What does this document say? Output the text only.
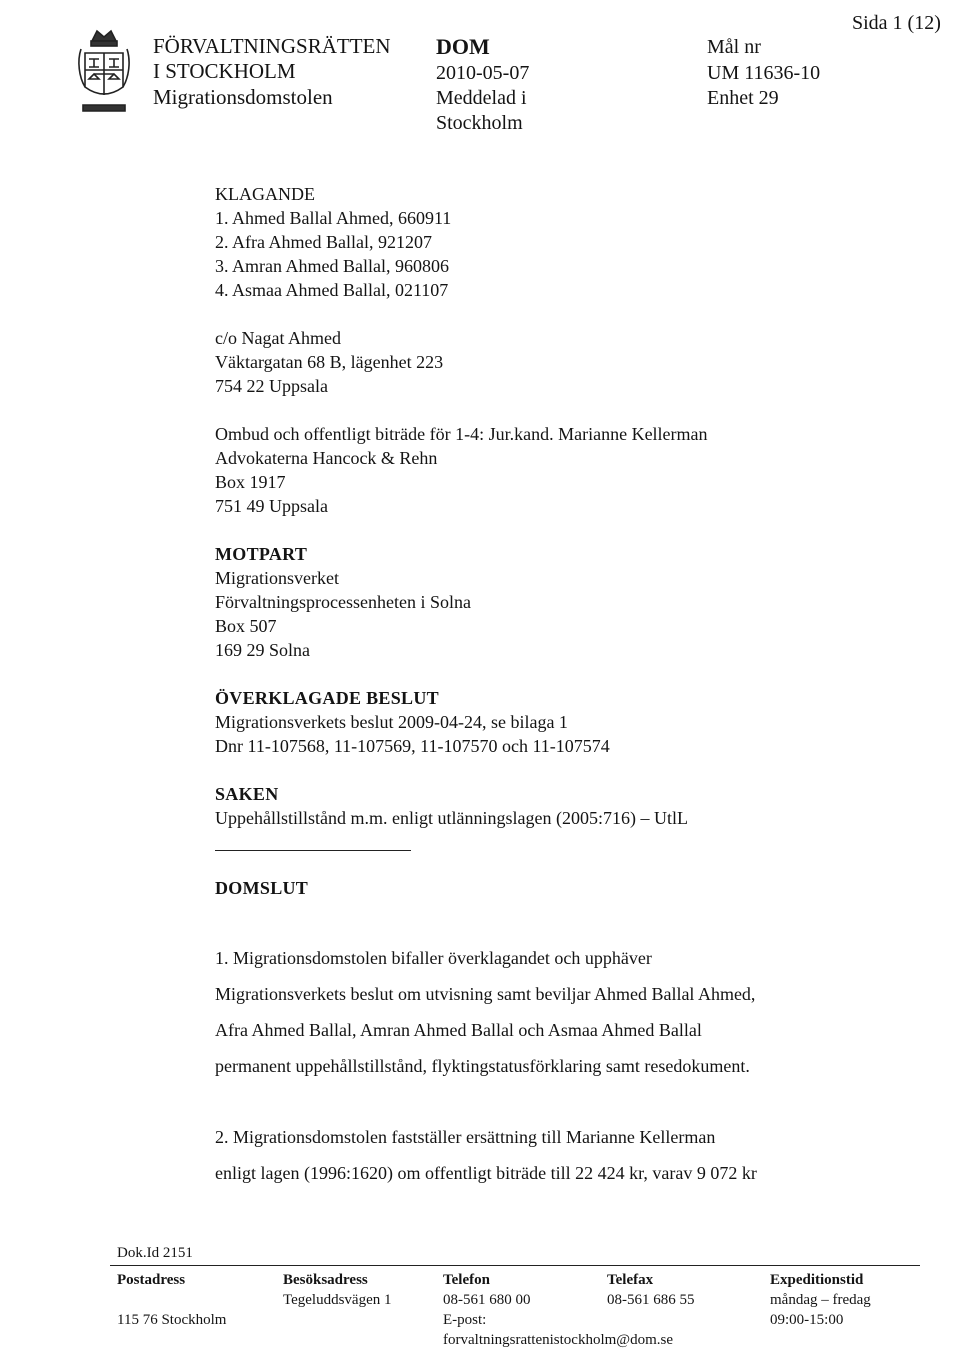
FÖRVALTNINGSRÄTTEN
I STOCKHOLM
Migrationsdomstolen
DOM
2010-05-07
Meddelad i
Stockholm
Mål nr
UM 11636-10
Enhet 29
Sida 1 (12)
KLAGANDE
1. Ahmed Ballal Ahmed, 660911
2. Afra Ahmed Ballal, 921207
3. Amran Ahmed Ballal, 960806
4. Asmaa Ahmed Ballal, 021107
c/o Nagat Ahmed
Väktargatan 68 B, lägenhet 223
754 22 Uppsala
Ombud och offentligt biträde för 1-4: Jur.kand. Marianne Kellerman
Advokaterna Hancock & Rehn
Box 1917
751 49 Uppsala
MOTPART
Migrationsverket
Förvaltningsprocessenheten i Solna
Box 507
169 29 Solna
ÖVERKLAGADE BESLUT
Migrationsverkets beslut 2009-04-24, se bilaga 1
Dnr 11-107568, 11-107569, 11-107570 och 11-107574
SAKEN
Uppehållstillstånd m.m. enligt utlänningslagen (2005:716) – UtlL
DOMSLUT
1. Migrationsdomstolen bifaller överklagandet och upphäver
Migrationsverkets beslut om utvisning samt beviljar Ahmed Ballal Ahmed,
Afra Ahmed Ballal, Amran Ahmed Ballal och Asmaa Ahmed Ballal
permanent uppehållstillstånd, flyktingstatusförklaring samt resedokument.
2. Migrationsdomstolen fastställer ersättning till Marianne Kellerman
enligt lagen (1996:1620) om offentligt biträde till 22 424 kr, varav 9 072 kr
Dok.Id 2151
Postadress
115 76 Stockholm
Besöksadress
Tegeluddsvägen 1
Telefon
08-561 680 00
E-post:
forvaltningsrattenistockholm@dom.se
Telefax
08-561 686 55
Expeditionstid
måndag – fredag
09:00-15:00
